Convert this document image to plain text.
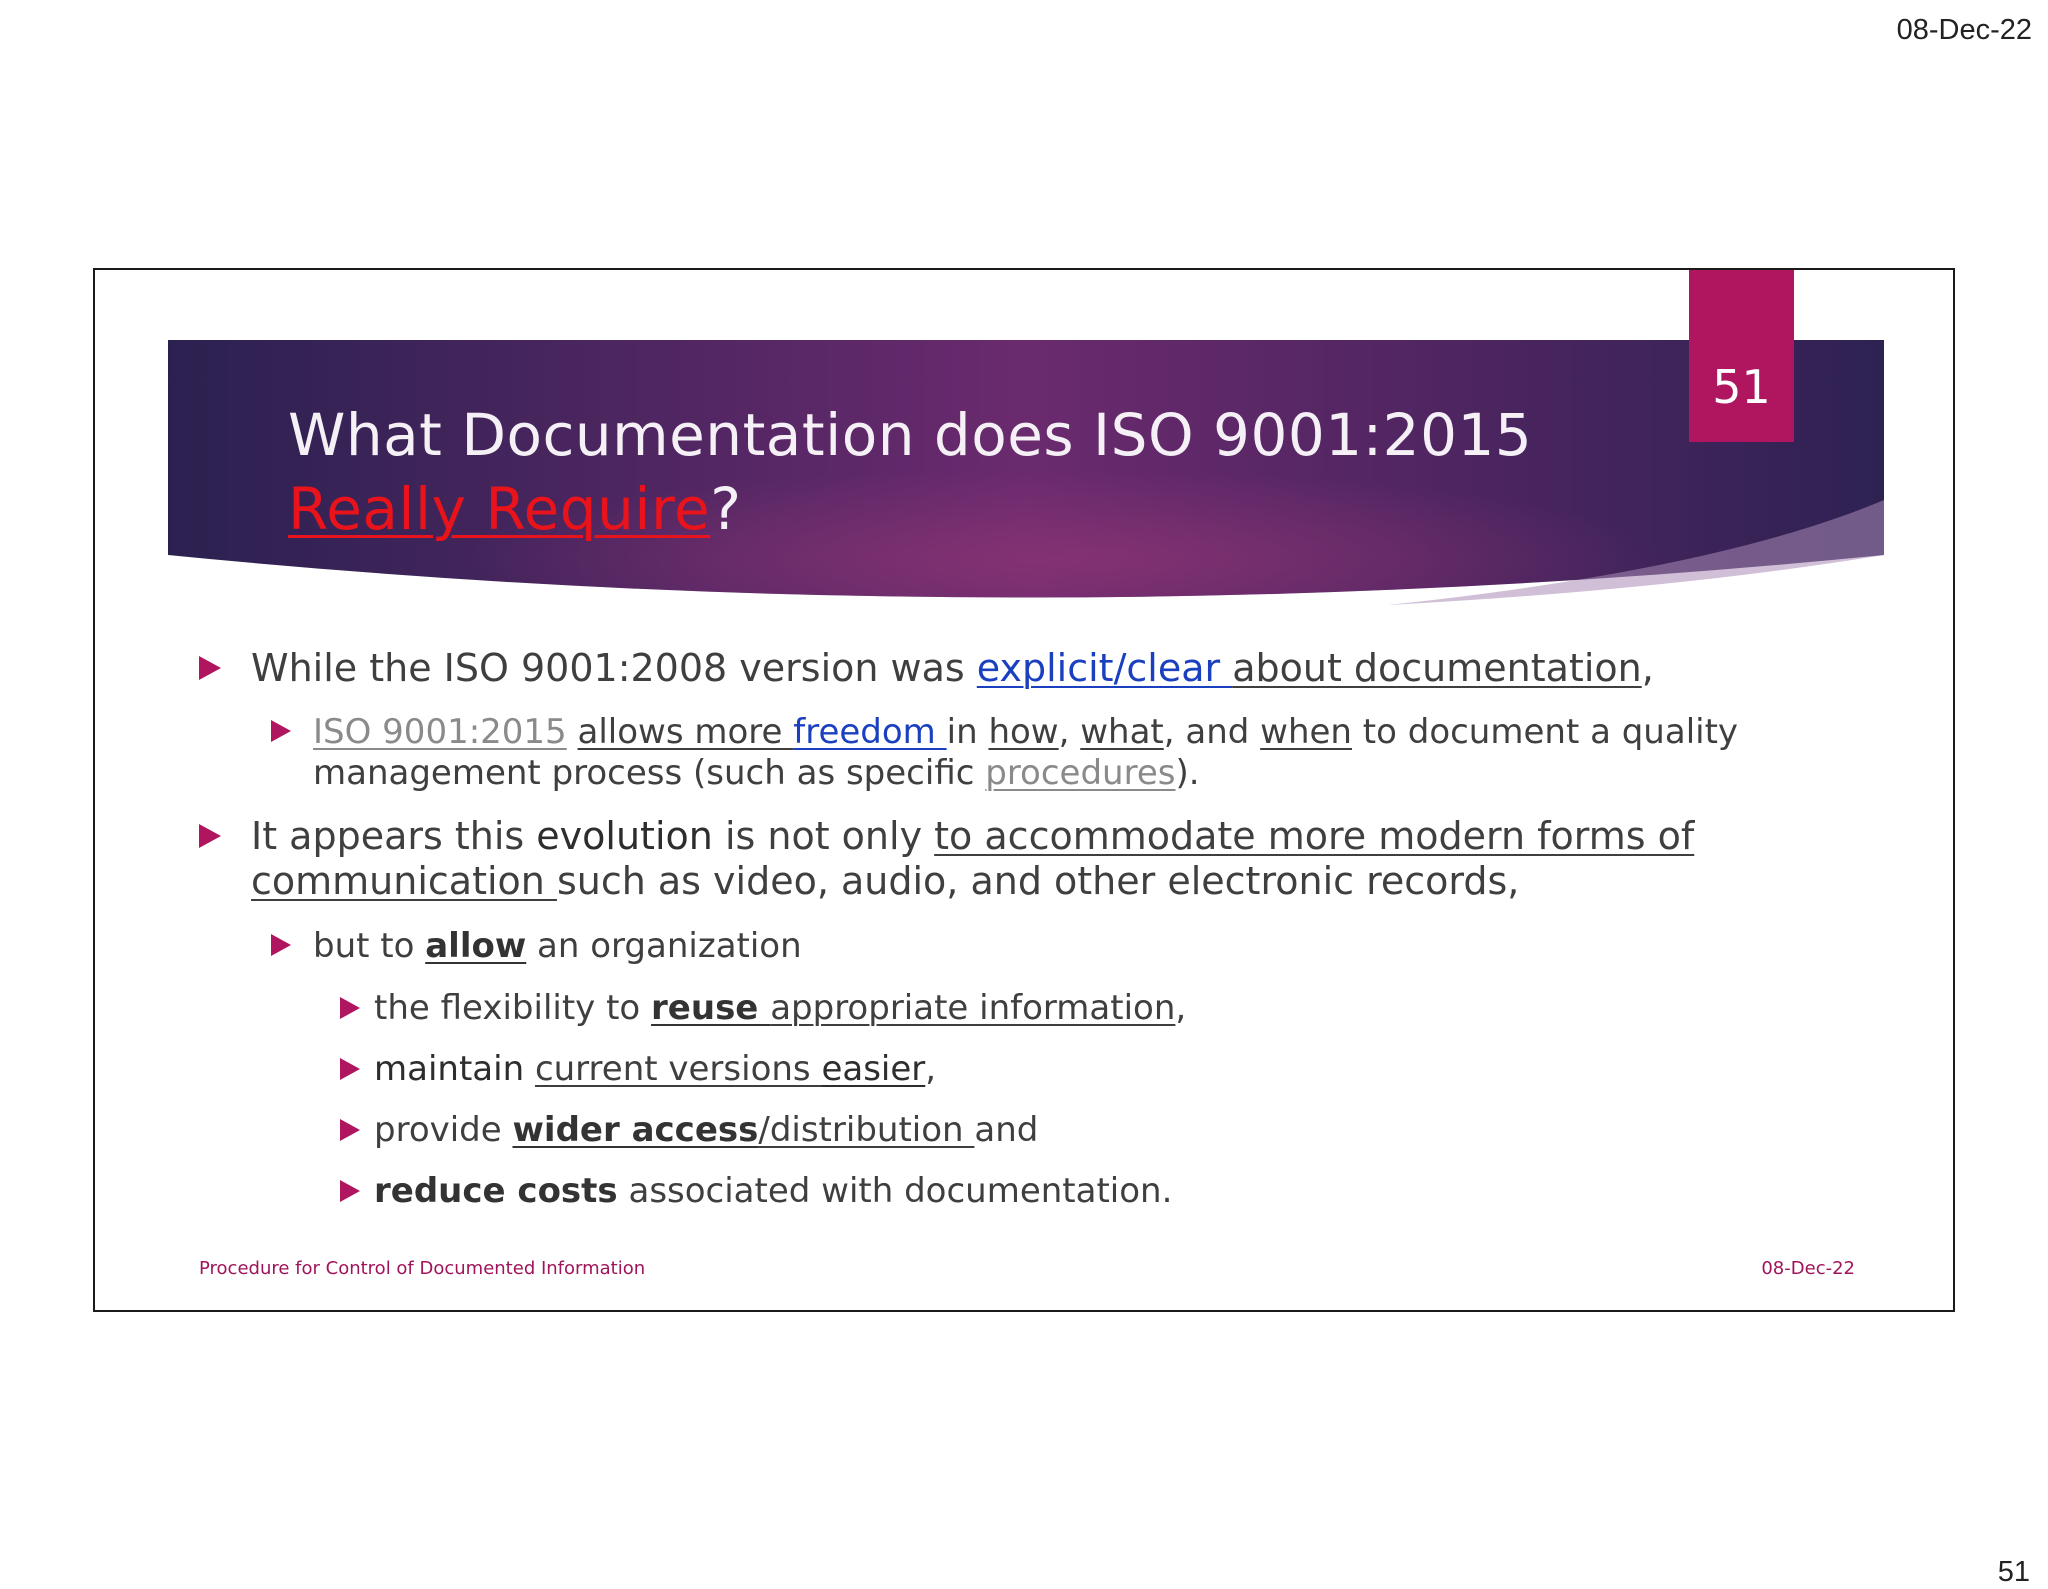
08-Dec-22
51
What Documentation does ISO 9001:2015
Really Require?
While the ISO 9001:2008 version was explicit/clear about documentation,
ISO 9001:2015 allows more freedom in how, what, and when to document a quality
management process (such as specific procedures).
It appears this evolution is not only to accommodate more modern forms of
communication such as video, audio, and other electronic records,
but to allow an organization
the flexibility to reuse appropriate information,
maintain current versions easier,
provide wider access/distribution and
reduce costs associated with documentation.
Procedure for Control of Documented Information	08-Dec-22
51
